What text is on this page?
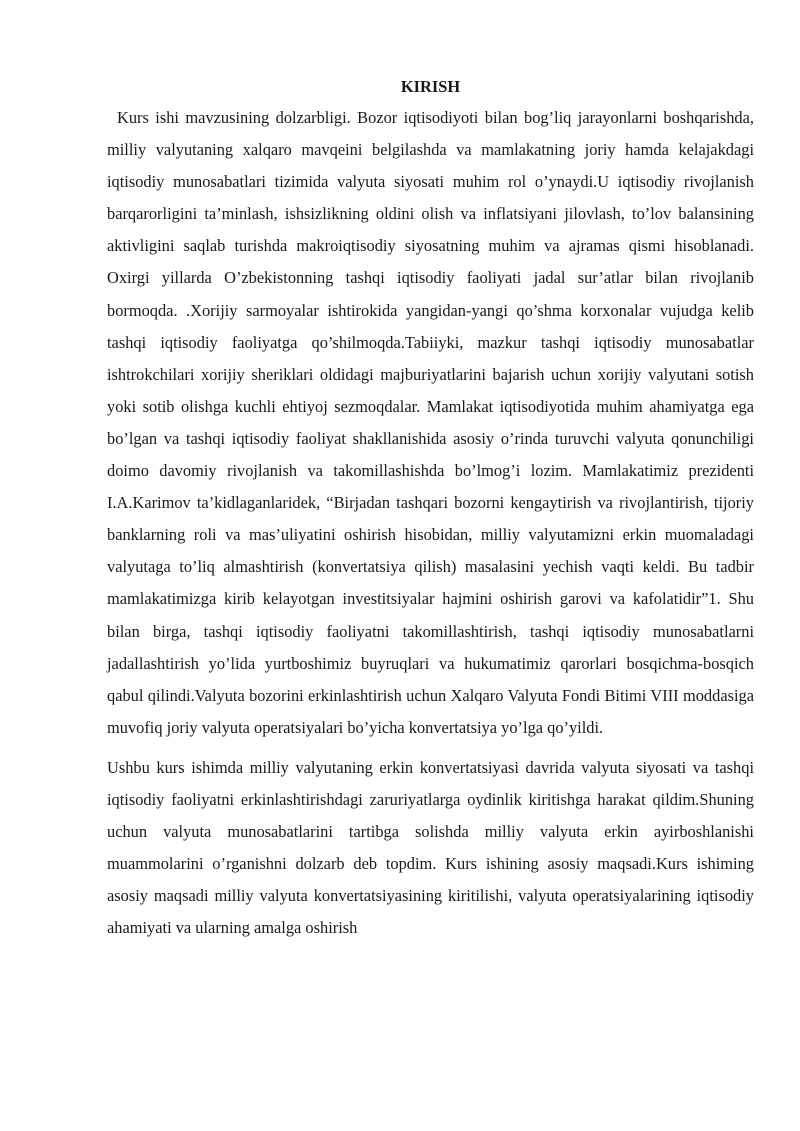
KIRISH

Kurs ishi mavzusining dolzarbligi. Bozor iqtisodiyoti bilan bog’liq jarayonlarni boshqarishda, milliy valyutaning xalqaro mavqeini belgilashda va mamlakatning joriy hamda kelajakdagi iqtisodiy munosabatlari tizimida valyuta siyosati muhim rol o’ynaydi.U iqtisodiy rivojlanish barqarorligini ta’minlash, ishsizlikning oldini olish va inflatsiyani jilovlash, to’lov balansining aktivligini saqlab turishda makroiqtisodiy siyosatning muhim va ajramas qismi hisoblanadi. Oxirgi yillarda O’zbekistonning tashqi iqtisodiy faoliyati jadal sur’atlar bilan rivojlanib bormoqda. .Xorijiy sarmoyalar ishtirokida yangidan-yangi qo’shma korxonalar vujudga kelib tashqi iqtisodiy faoliyatga qo’shilmoqda.Tabiiyki, mazkur tashqi iqtisodiy munosabatlar ishtrokchilari xorijiy sheriklari oldidagi majburiyatlarini bajarish uchun xorijiy valyutani sotish yoki sotib olishga kuchli ehtiyoj sezmoqdalar. Mamlakat iqtisodiyotida muhim ahamiyatga ega bo’lgan va tashqi iqtisodiy faoliyat shakllanishida asosiy o’rinda turuvchi valyuta qonunchiligi doimo davomiy rivojlanish va takomillashishda bo’lmog’i lozim. Mamlakatimiz prezidenti I.A.Karimov ta’kidlaganlaridek, “Birjadan tashqari bozorni kengaytirish va rivojlantirish, tijoriy banklarning roli va mas’uliyatini oshirish hisobidan, milliy valyutamizni erkin muomaladagi valyutaga to’liq almashtirish (konvertatsiya qilish) masalasini yechish vaqti keldi. Bu tadbir mamlakatimizga kirib kelayotgan investitsiyalar hajmini oshirish garovi va kafolatidir”1. Shu bilan birga, tashqi iqtisodiy faoliyatni takomillashtirish, tashqi iqtisodiy munosabatlarni jadallashtirish yo’lida yurtboshimiz buyruqlari va hukumatimiz qarorlari bosqichma-bosqich qabul qilindi.Valyuta bozorini erkinlashtirish uchun Xalqaro Valyuta Fondi Bitimi VIII moddasiga muvofiq joriy valyuta operatsiyalari bo’yicha konvertatsiya yo’lga qo’yildi.

Ushbu kurs ishimda milliy valyutaning erkin konvertatsiyasi davrida valyuta siyosati va tashqi iqtisodiy faoliyatni erkinlashtirishdagi zaruriyatlarga oydinlik kiritishga harakat qildim.Shuning uchun valyuta munosabatlarini tartibga solishda milliy valyuta erkin ayirboshlanishi muammolarini o’rganishni dolzarb deb topdim. Kurs ishining asosiy maqsadi.Kurs ishiming asosiy maqsadi milliy valyuta konvertatsiyasining kiritilishi, valyuta operatsiyalarining iqtisodiy ahamiyati va ularning amalga oshirish
